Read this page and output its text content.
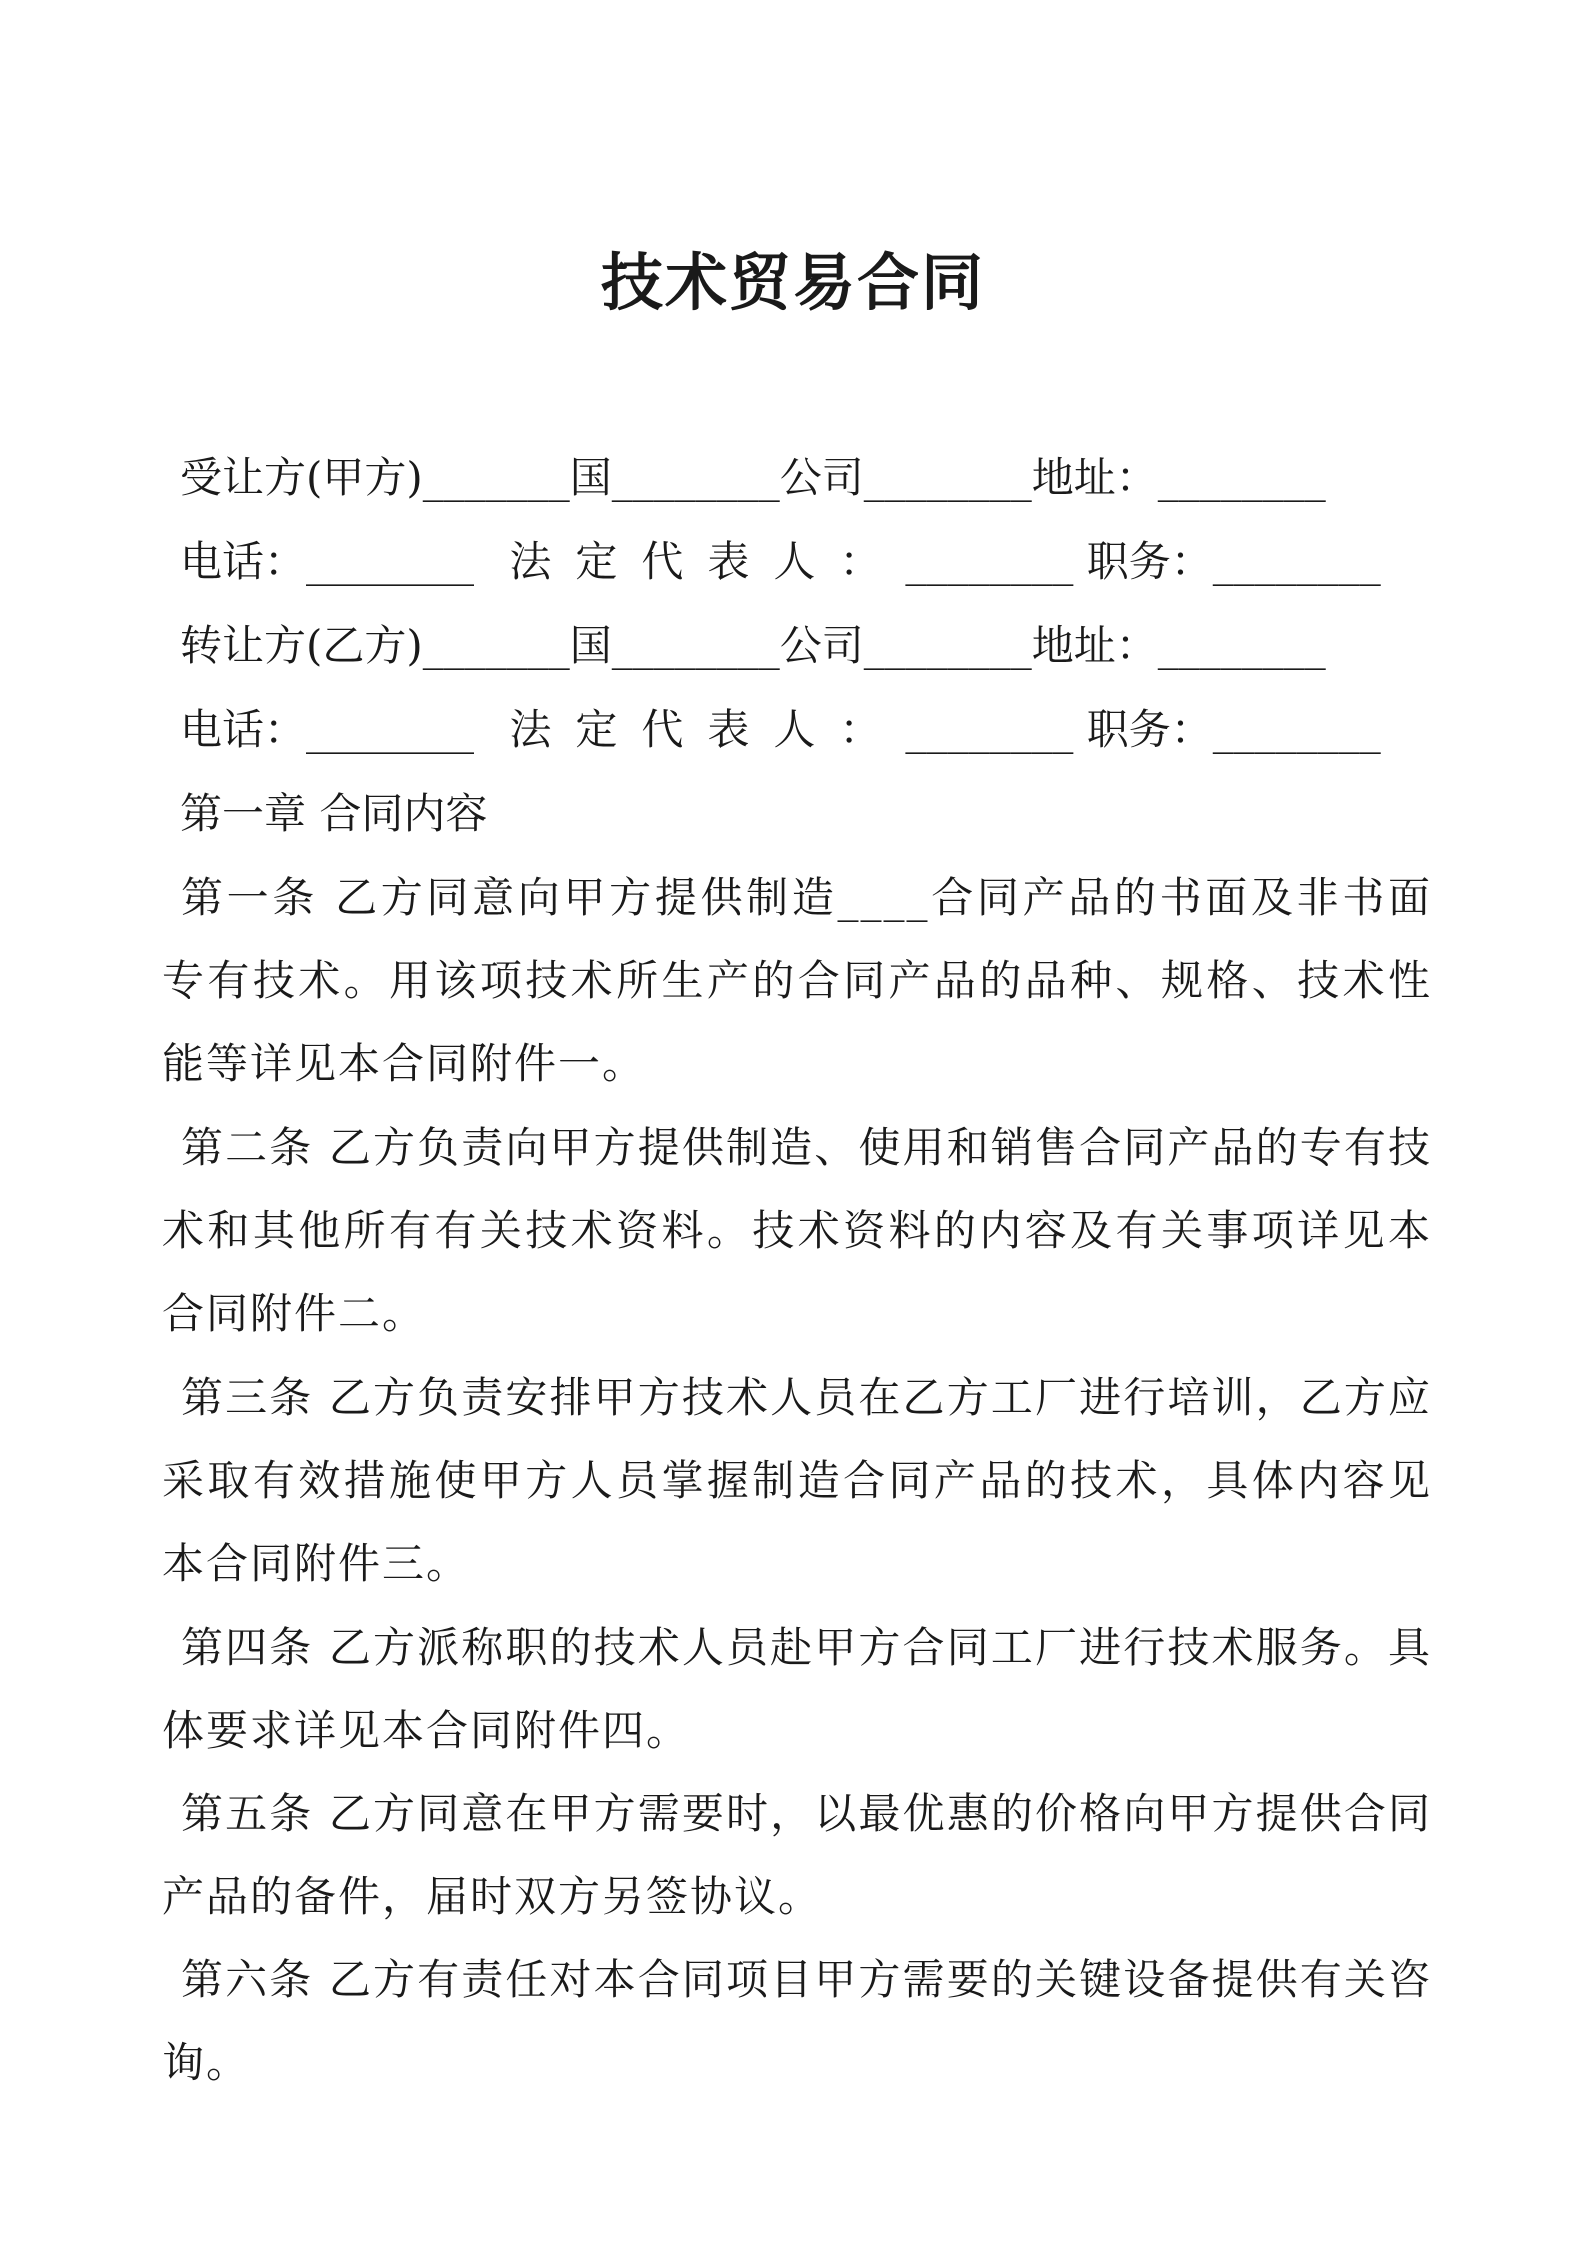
技术贸易合同
受让方(甲方)_______国________公司________地址：________
电话：________ 法定代表人：________ 职务：________
转让方(乙方)_______国________公司________地址：________
电话：________ 法定代表人：________ 职务：________
第一章 合同内容

第一条 乙方同意向甲方提供制造____合同产品的书面及非书面专有技术。用该项技术所生产的合同产品的品种、规格、技术性能等详见本合同附件一。

第二条 乙方负责向甲方提供制造、使用和销售合同产品的专有技术和其他所有有关技术资料。技术资料的内容及有关事项详见本合同附件二。

第三条 乙方负责安排甲方技术人员在乙方工厂进行培训，乙方应采取有效措施使甲方人员掌握制造合同产品的技术，具体内容见本合同附件三。

第四条 乙方派称职的技术人员赴甲方合同工厂进行技术服务。具体要求详见本合同附件四。

第五条 乙方同意在甲方需要时，以最优惠的价格向甲方提供合同产品的备件，届时双方另签协议。

第六条 乙方有责任对本合同项目甲方需要的关键设备提供有关咨询。
